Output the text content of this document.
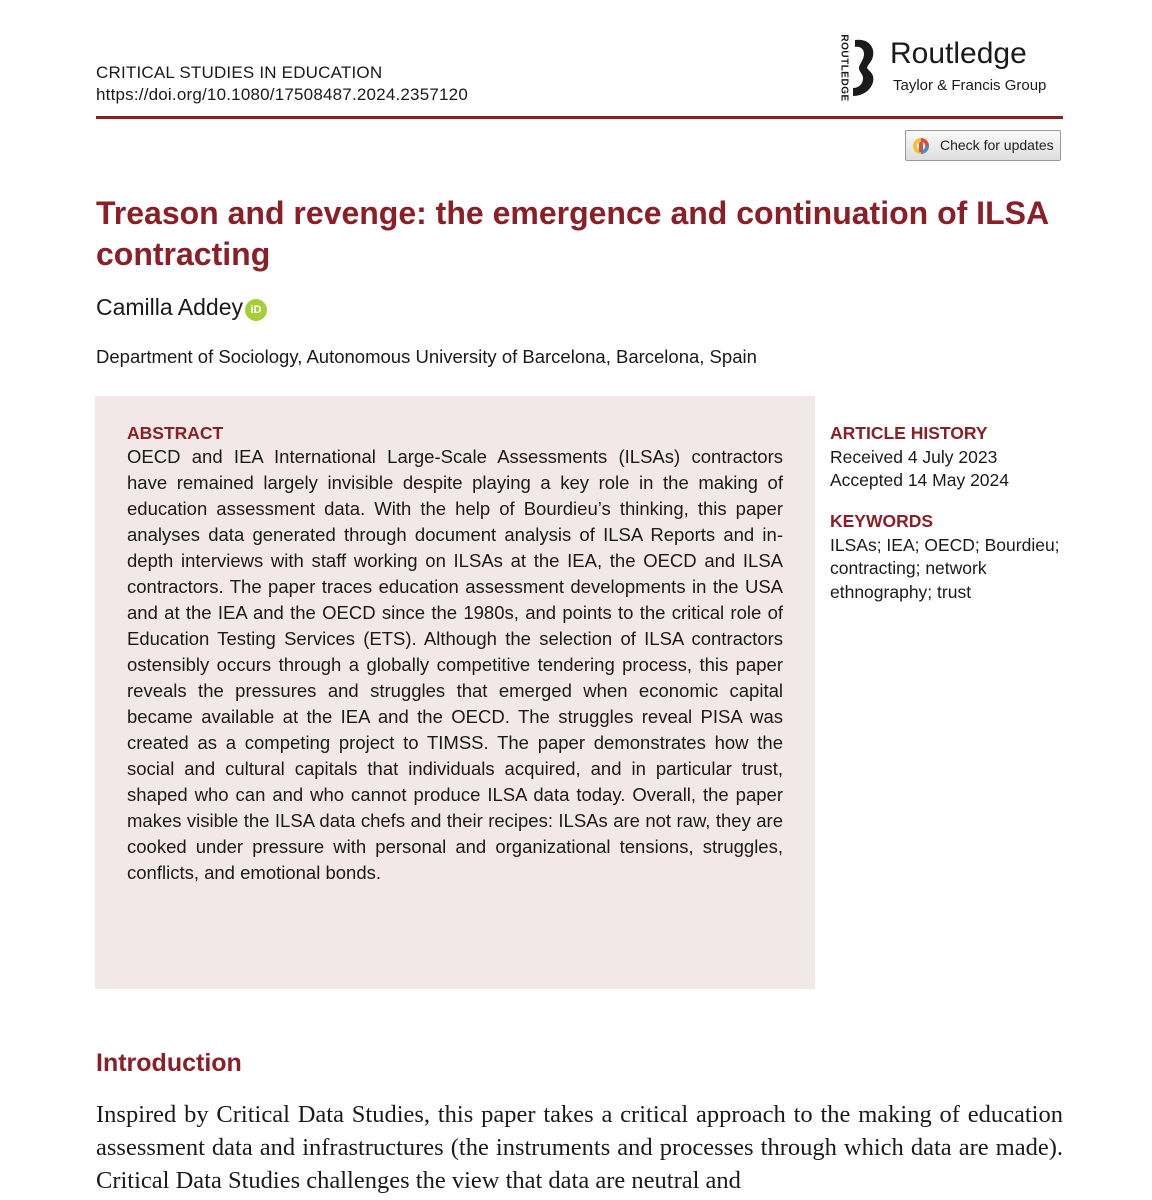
CRITICAL STUDIES IN EDUCATION
https://doi.org/10.1080/17508487.2024.2357120	ROUTLEDGE Routledge
Taylor & Francis Group
Check for updates
Treason and revenge: the emergence and continuation of ILSA contracting
Camilla Addey iD
Department of Sociology, Autonomous University of Barcelona, Barcelona, Spain
ABSTRACT

OECD and IEA International Large-Scale Assessments (ILSAs) contractors have remained largely invisible despite playing a key role in the making of education assessment data. With the help of Bourdieu’s thinking, this paper analyses data generated through document analysis of ILSA Reports and in-depth interviews with staff working on ILSAs at the IEA, the OECD and ILSA contractors. The paper traces education assessment developments in the USA and at the IEA and the OECD since the 1980s, and points to the critical role of Education Testing Services (ETS). Although the selection of ILSA contractors ostensibly occurs through a globally competitive tendering process, this paper reveals the pressures and struggles that emerged when economic capital became available at the IEA and the OECD. The struggles reveal PISA was created as a competing project to TIMSS. The paper demonstrates how the social and cultural capitals that individuals acquired, and in particular trust, shaped who can and who cannot produce ILSA data today. Overall, the paper makes visible the ILSA data chefs and their recipes: ILSAs are not raw, they are cooked under pressure with personal and organizational tensions, struggles, conflicts, and emotional bonds.

ARTICLE HISTORY
Received 4 July 2023
Accepted 14 May 2024
KEYWORDS
ILSAs; IEA; OECD; Bourdieu;
contracting; network
ethnography; trust
Introduction

Inspired by Critical Data Studies, this paper takes a critical approach to the making of education assessment data and infrastructures (the instruments and processes through which data are made). Critical Data Studies challenges the view that data are neutral and
